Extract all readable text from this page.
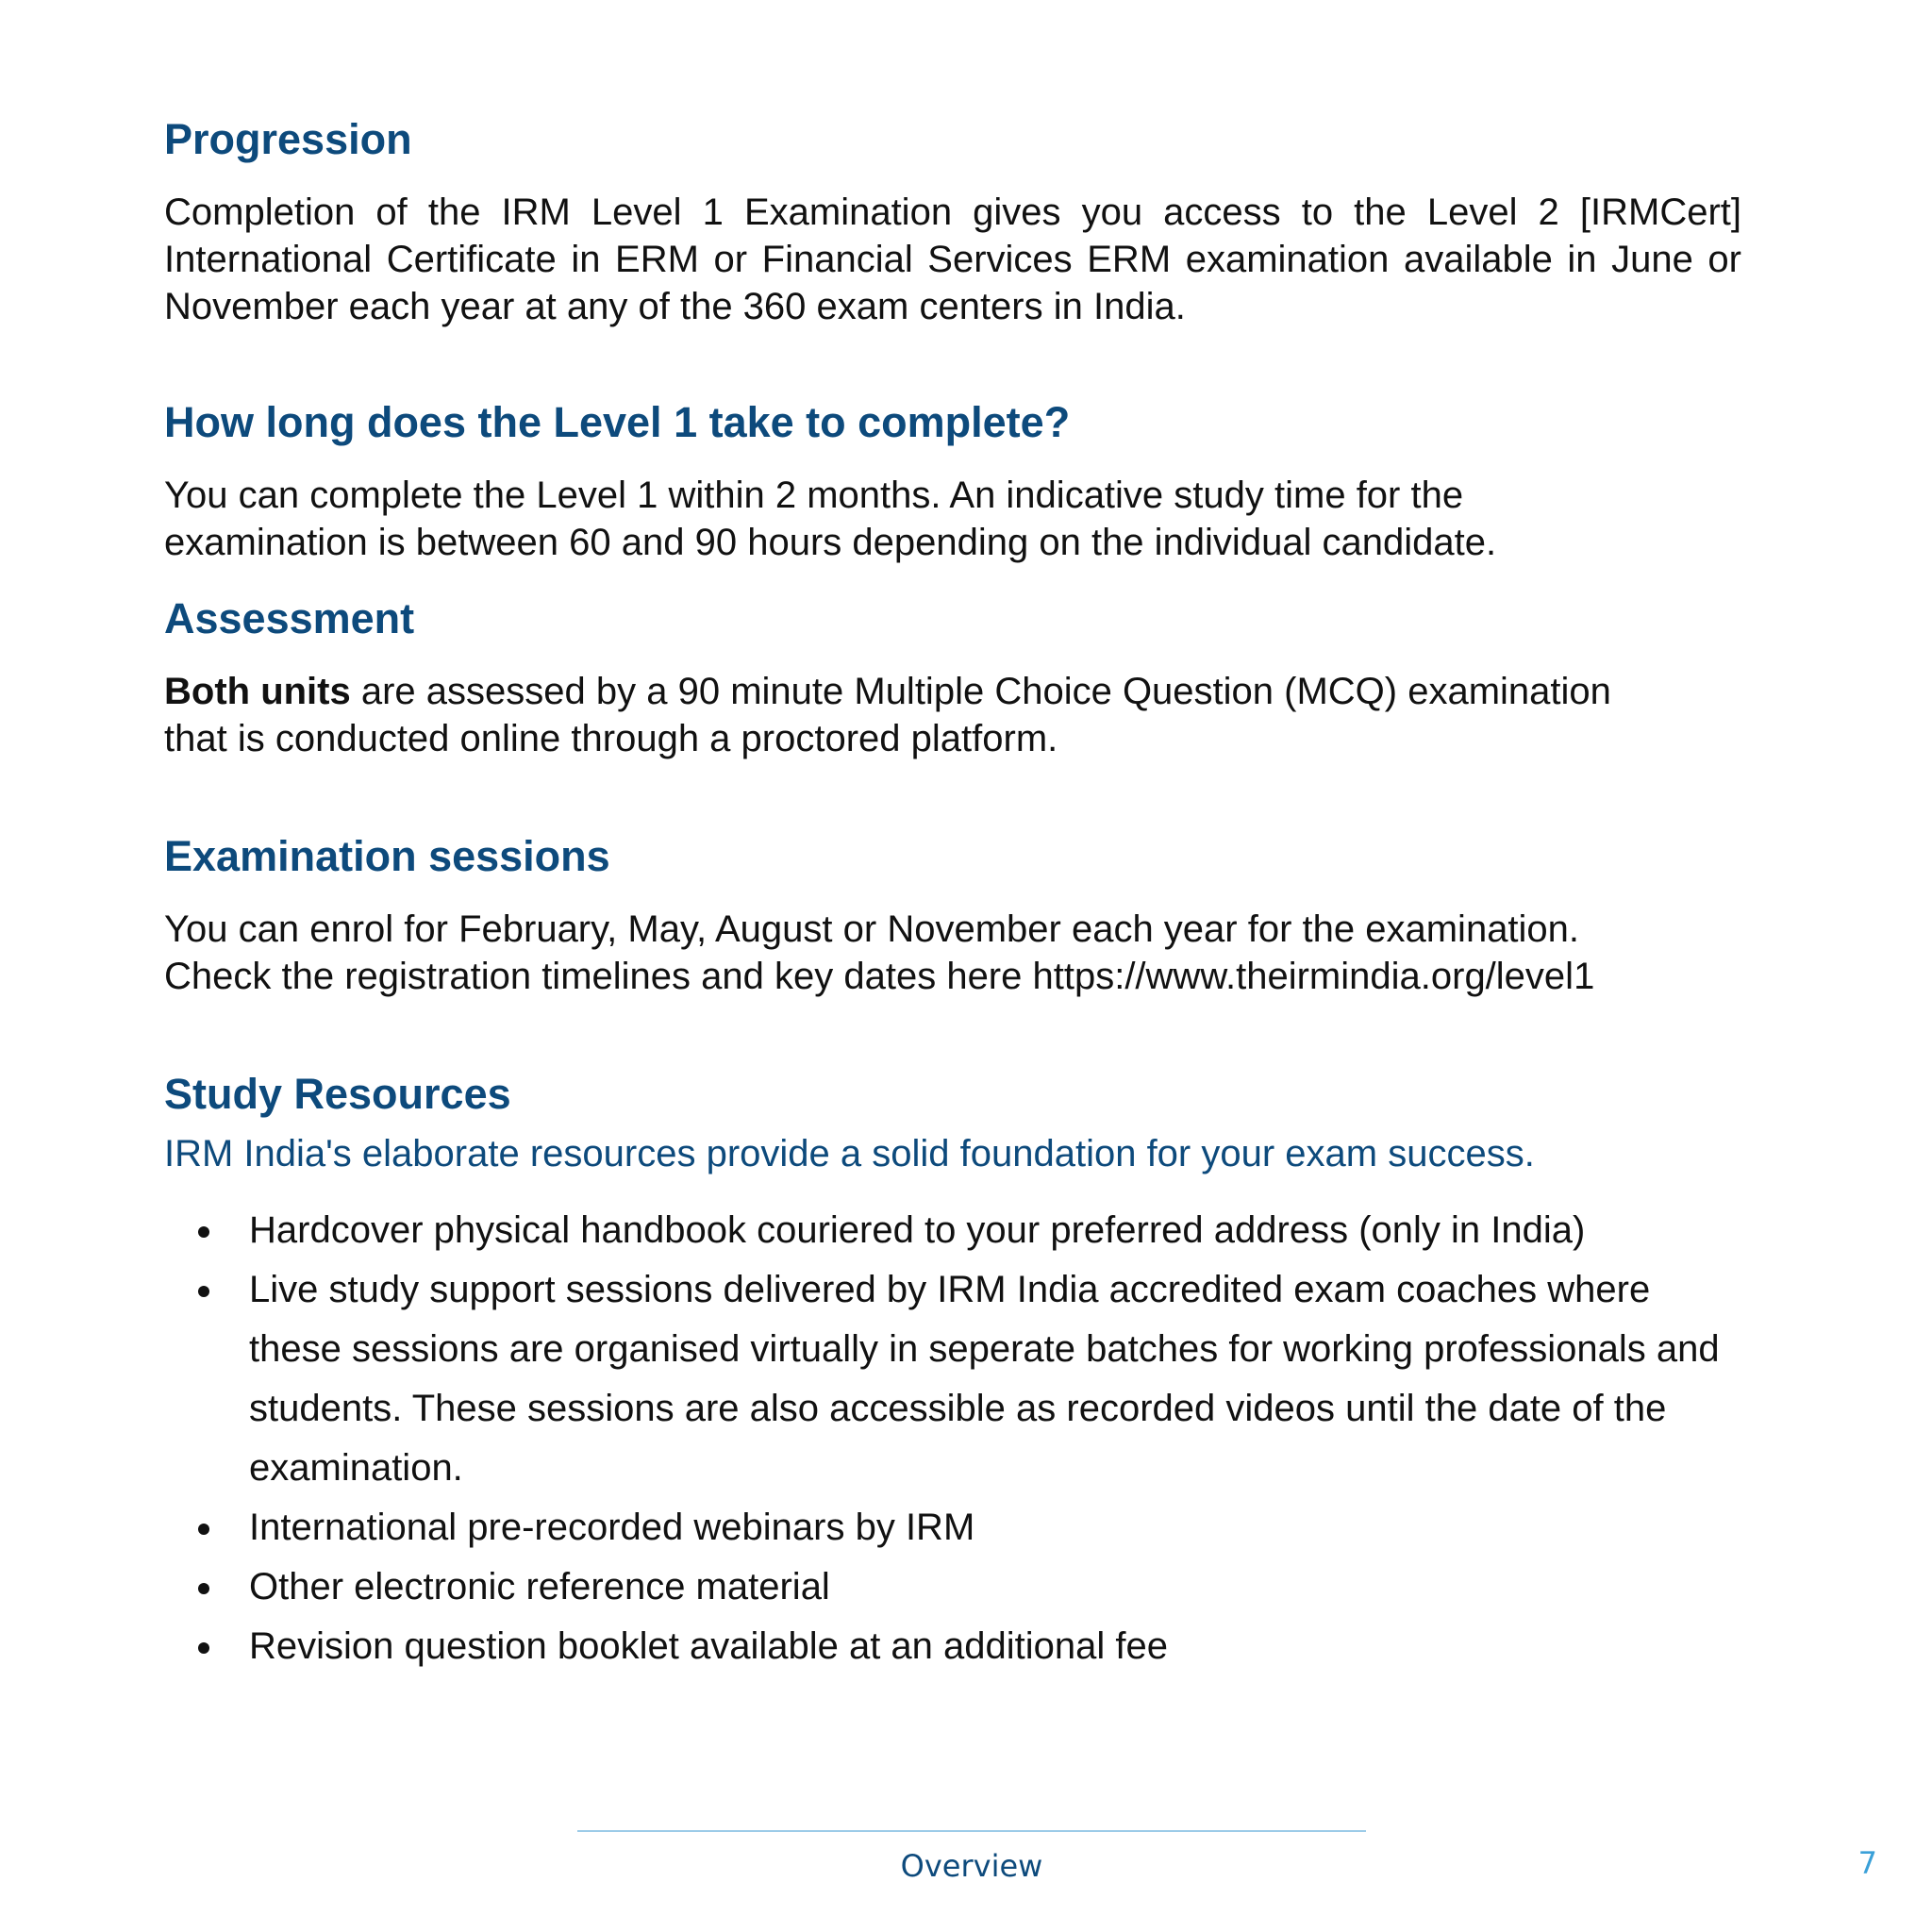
Progression

Completion of the IRM Level 1 Examination gives you access to the Level 2 [IRMCert] International Certificate in ERM or Financial Services ERM examination available in June or November each year at any of the 360 exam centers in India.

How long does the Level 1 take to complete?

You can complete the Level 1 within 2 months. An indicative study time for the
examination is between 60 and 90 hours depending on the individual candidate.

Assessment

Both units are assessed by a 90 minute Multiple Choice Question (MCQ) examination
that is conducted online through a proctored platform.

Examination sessions

You can enrol for February, May, August or November each year for the examination.
Check the registration timelines and key dates here https://www.theirmindia.org/level1

Study Resources

IRM India's elaborate resources provide a solid foundation for your exam success.

Hardcover physical handbook couriered to your preferred address (only in India)
Live study support sessions delivered by IRM India accredited exam coaches where these sessions are organised virtually in seperate batches for working professionals and students. These sessions are also accessible as recorded videos until the date of the examination.
International pre-recorded webinars by IRM
Other electronic reference material
Revision question booklet available at an additional fee
Overview	7
